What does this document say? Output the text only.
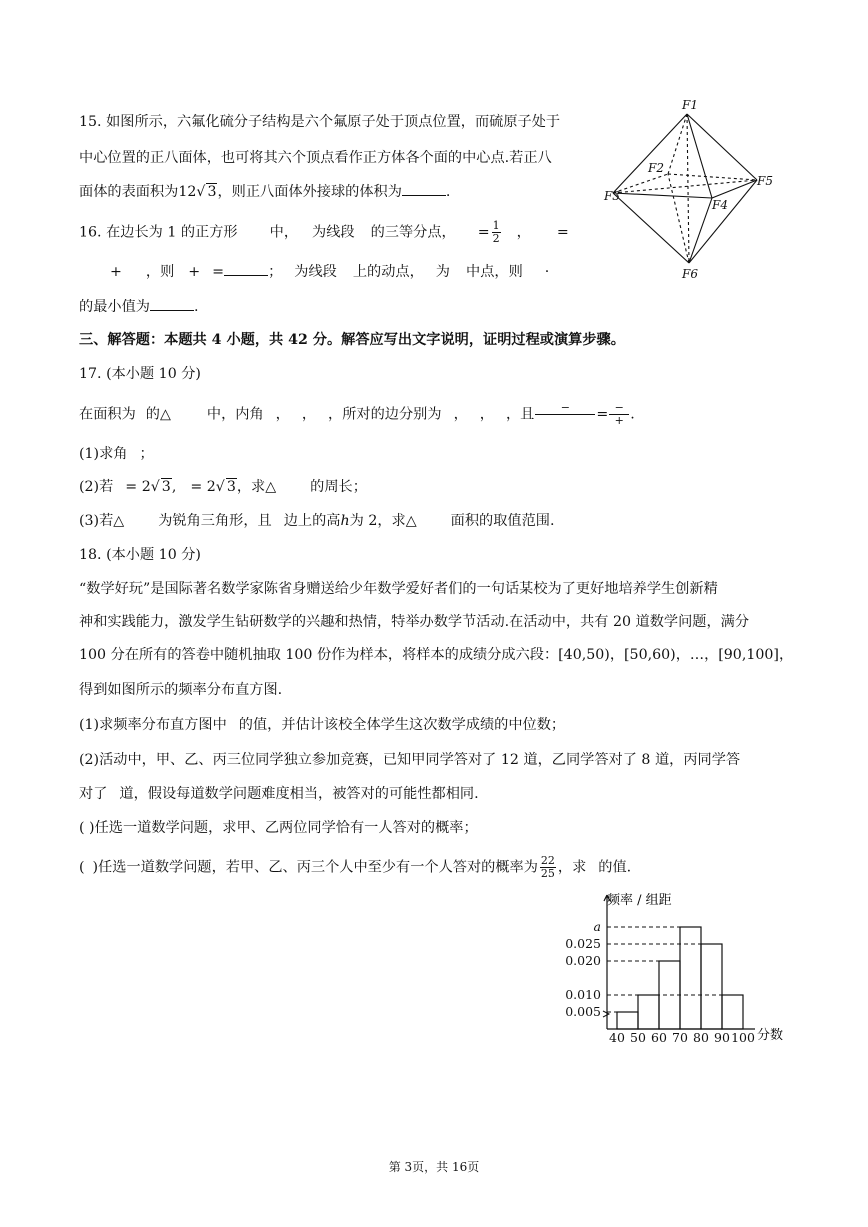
15. 如图所示，六氟化硫分子结构是六个氟原子处于顶点位置，而硫原子处于
中心位置的正八面体，也可将其六个顶点看作正方体各个面的中心点.若正八
面体的表面积为12√ 3，则正八面体外接球的体积为	.
F1
F2
F3
F4
F5
F6
16. 在边长为 1 的正方形 中， 为线段 的三等分点， = $\frac{1}{2}$ ， =
+ ，则 + =	； 为线段 上的动点， 为 中点，则 ·
的最小值为	.
三、解答题：本题共 4 小题，共 42 分。解答应写出文字说明，证明过程或演算步骤。
17. (本小题 10 分)
在面积为 的△	中，内角 ， ， ，所对的边分别为 ， ， ，且	−
	= $\frac{-}{+}$ .
(1)求角 ；
(2)若 = 2√ 3, = 2√ 3，求△ 的周长；
(3)若△ 为锐角三角形，且 边上的高h为 2，求△ 面积的取值范围.
18. (本小题 10 分)
“数学好玩”是国际著名数学家陈省身赠送给少年数学爱好者们的一句话某校为了更好地培养学生创新精
神和实践能力，激发学生钻研数学的兴趣和热情，特举办数学节活动.在活动中，共有 20 道数学问题，满分
100 分在所有的答卷中随机抽取 100 份作为样本，将样本的成绩分成六段：[40,50)，[50,60)，…，[90,100]，
得到如图所示的频率分布直方图.
(1)求频率分布直方图中 的值，并估计该校全体学生这次数学成绩的中位数；
(2)活动中，甲、乙、丙三位同学独立参加竞赛，已知甲同学答对了 12 道，乙同学答对了 8 道，丙同学答
对了 道，假设每道数学问题难度相当，被答对的可能性都相同.
( )任选一道数学问题，求甲、乙两位同学恰有一人答对的概率；
( )任选一道数学问题，若甲、乙、丙三个人中至少有一个人答对的概率为 $\frac{22}{25}$ ，求 的值.
频率 / 组距
分数
a
0.025
0.020
0.010
0.005
40 50 60 70 80 90 100
第 3页，共 16页
